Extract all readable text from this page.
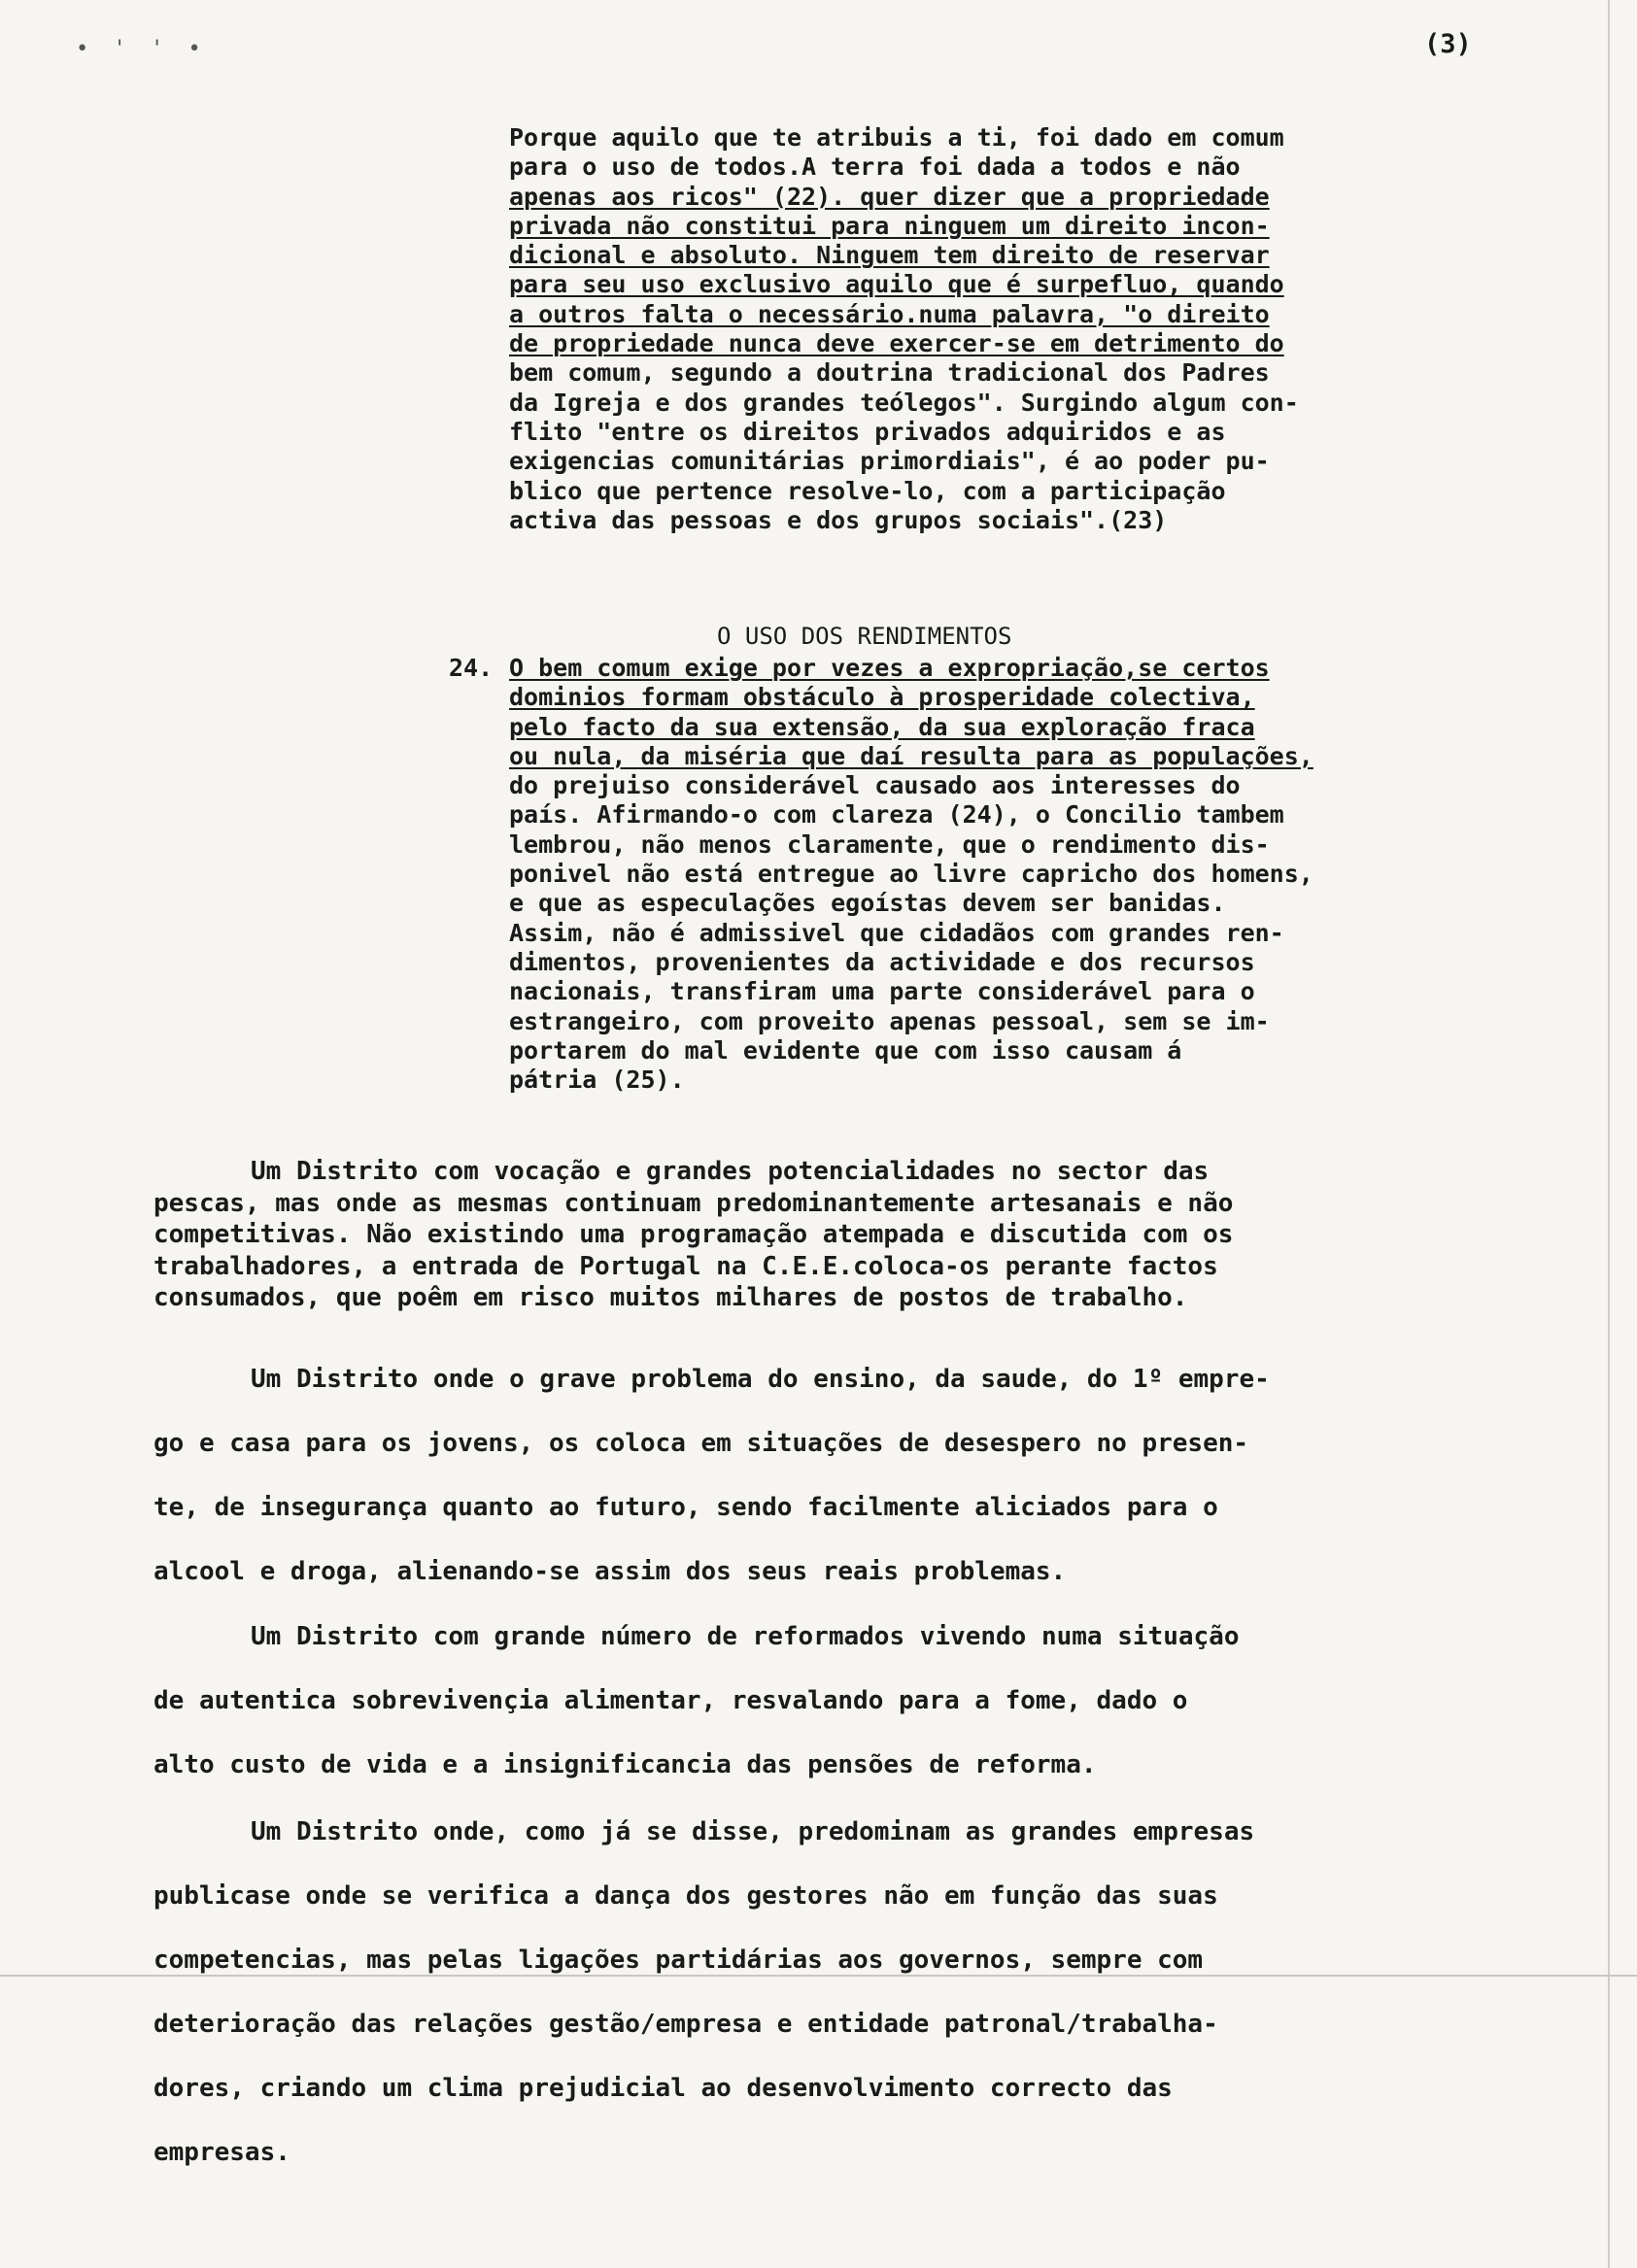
• ' ' •	(3)

Porque aquilo que te atribuis a ti, foi dado em comum

para o uso de todos.A terra foi dada a todos e não

apenas aos ricos" (22). quer dizer que a propriedade

privada não constitui para ninguem um direito incon-

dicional e absoluto. Ninguem tem direito de reservar

para seu uso exclusivo aquilo que é surpefluo, quando

a outros falta o necessário.numa palavra, "o direito

de propriedade nunca deve exercer-se em detrimento do

bem comum, segundo a doutrina tradicional dos Padres

da Igreja e dos grandes teólegos". Surgindo algum con-

flito "entre os direitos privados adquiridos e as

exigencias comunitárias primordiais", é ao poder pu-

blico que pertence resolve-lo, com a participação

activa das pessoas e dos grupos sociais".(23)

O USO DOS RENDIMENTOS
24. O bem comum exige por vezes a expropriação,se certos

dominios formam obstáculo à prosperidade colectiva,

pelo facto da sua extensão, da sua exploração fraca

ou nula, da miséria que daí resulta para as populações,

do prejuiso considerável causado aos interesses do

país. Afirmando-o com clareza (24), o Concilio tambem

lembrou, não menos claramente, que o rendimento dis-

ponivel não está entregue ao livre capricho dos homens,

e que as especulações egoístas devem ser banidas.

Assim, não é admissivel que cidadãos com grandes ren-

dimentos, provenientes da actividade e dos recursos

nacionais, transfiram uma parte considerável para o

estrangeiro, com proveito apenas pessoal, sem se im-

portarem do mal evidente que com isso causam á

pátria (25).

Um Distrito com vocação e grandes potencialidades no sector das
pescas, mas onde as mesmas continuam predominantemente artesanais e não
competitivas. Não existindo uma programação atempada e discutida com os
trabalhadores, a entrada de Portugal na C.E.E.coloca-os perante factos
consumados, que poêm em risco muitos milhares de postos de trabalho.
Um Distrito onde o grave problema do ensino, da saude, do 1º empre-
go e casa para os jovens, os coloca em situações de desespero no presen-
te, de insegurança quanto ao futuro, sendo facilmente aliciados para o
alcool e droga, alienando-se assim dos seus reais problemas.
Um Distrito com grande número de reformados vivendo numa situação
de autentica sobrevivençia alimentar, resvalando para a fome, dado o
alto custo de vida e a insignificancia das pensões de reforma.
Um Distrito onde, como já se disse, predominam as grandes empresas
publicase onde se verifica a dança dos gestores não em função das suas
competencias, mas pelas ligações partidárias aos governos, sempre com
deterioração das relações gestão/empresa e entidade patronal/trabalha-
dores, criando um clima prejudicial ao desenvolvimento correcto das
empresas.
